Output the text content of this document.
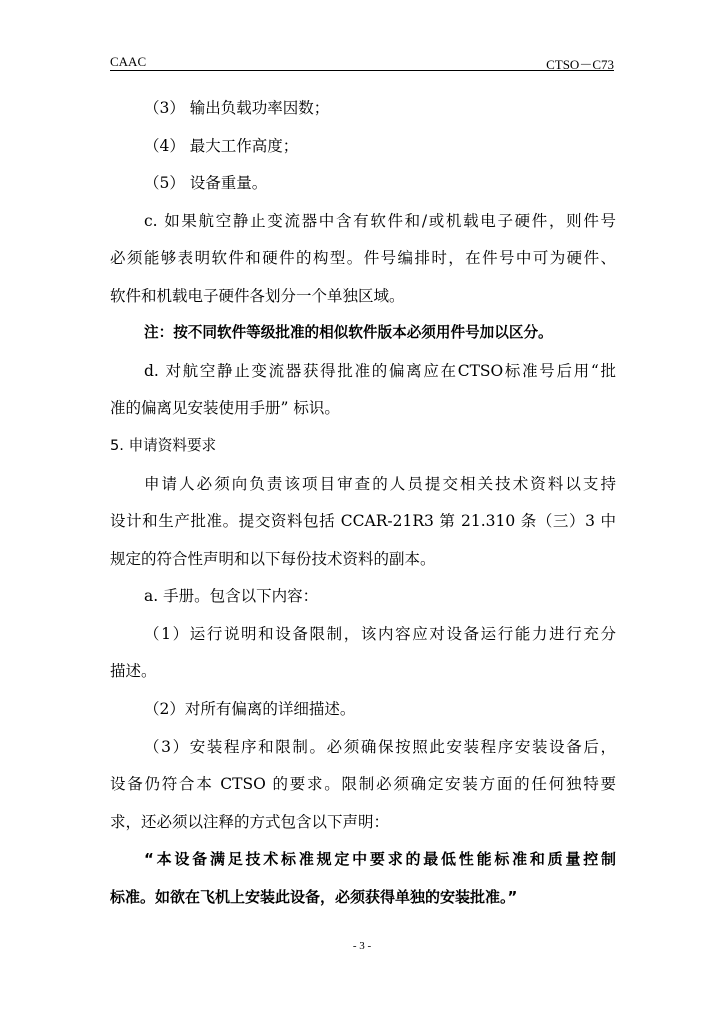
CAAC	CTSO－C73
（3） 输出负载功率因数；
（4） 最大工作高度；
（5） 设备重量。
c. 如果航空静止变流器中含有软件和/或机载电子硬件，则件号
必须能够表明软件和硬件的构型。件号编排时，在件号中可为硬件、
软件和机载电子硬件各划分一个单独区域。
注：按不同软件等级批准的相似软件版本必须用件号加以区分。
d. 对航空静止变流器获得批准的偏离应在CTSO标准号后用“批
准的偏离见安装使用手册” 标识。
5. 申请资料要求
申请人必须向负责该项目审查的人员提交相关技术资料以支持
设计和生产批准。提交资料包括 CCAR-21R3 第 21.310 条（三）3 中
规定的符合性声明和以下每份技术资料的副本。
a. 手册。包含以下内容：
（1）运行说明和设备限制，该内容应对设备运行能力进行充分
描述。
（2）对所有偏离的详细描述。
（3）安装程序和限制。必须确保按照此安装程序安装设备后，
设备仍符合本 CTSO 的要求。限制必须确定安装方面的任何独特要
求，还必须以注释的方式包含以下声明：
“本设备满足技术标准规定中要求的最低性能标准和质量控制
标准。如欲在飞机上安装此设备，必须获得单独的安装批准。”
- 3 -
